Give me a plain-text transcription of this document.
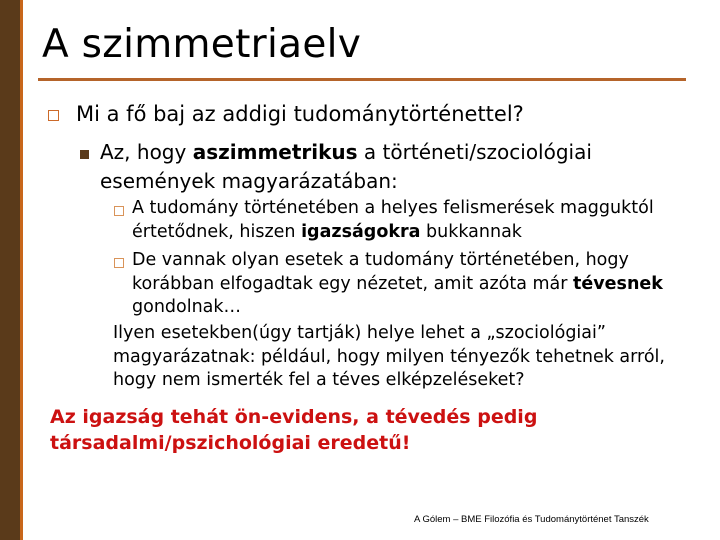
A szimmetriaelv
Mi a fő baj az addigi tudománytörténettel?
Az, hogy aszimmetrikus a történeti/szociológiai események magyarázatában:
A tudomány történetében a helyes felismerések magguktól értetődnek, hiszen igazságokra bukkannak
De vannak olyan esetek a tudomány történetében, hogy korábban elfogadtak egy nézetet, amit azóta már tévesnek gondolnak…
Ilyen esetekben(úgy tartják) helye lehet a „szociológiai” magyarázatnak: például, hogy milyen tényezők tehetnek arról, hogy nem ismerték fel a téves elképzeléseket?
Az igazság tehát ön-evidens, a tévedés pedig társadalmi/pszichológiai eredetű!
A Gólem – BME Filozófia és Tudománytörténet Tanszék
